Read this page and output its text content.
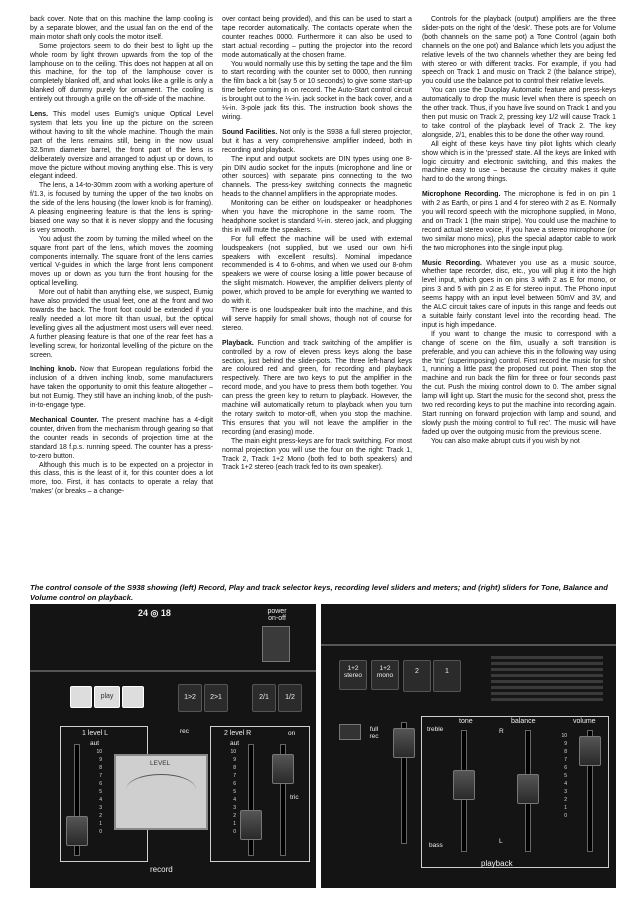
back cover. Note that on this machine the lamp cooling is by a separate blower, and the usual fan on the end of the main motor shaft only cools the motor itself.

Some projectors seem to do their best to light up the whole room by light thrown upwards from the top of the lamphouse on to the ceiling. This does not happen at all on this machine, for the top of the lamphouse cover is completely blanked off, and what looks like a grille is only a blanked off dummy purely for ornament. The cooling is entirely out through a grille on the off-side of the machine.

Lens. This model uses Eumig's unique Optical Level system that lets you line up the picture on the screen without having to tilt the whole machine. Though the main part of the lens remains still, being in the now usual 32.5mm diameter barrel, the front part of the lens is deliberately oversize and arranged to adjust up or down, to move the picture without moving anything else. This is very elegant indeed.

The lens, a 14-to-30mm zoom with a working aperture of f/1.3, is focused by turning the upper of the two knobs on the side of the lens housing (the lower knob is for framing). A pleasing engineering feature is that the lens is spring-biased one way so that it is never sloppy and the focusing is very smooth.

You adjust the zoom by turning the milled wheel on the square front part of the lens, which moves the zooming components internally. The square front of the lens carries vertical V-guides in which the large front lens component moves up or down as you turn the front housing for the optical levelling.

More out of habit than anything else, we suspect, Eumig have also provided the usual feet, one at the front and two towards the back. The front foot could be extended if you really needed a lot more tilt than usual, but the optical levelling gives all the adjustment most users will ever need. A further pleasing feature is that one of the rear feet has a levelling screw, for horizontal levelling of the picture on the screen.

Inching knob. Now that European regulations forbid the inclusion of a driven inching knob, some manufacturers have taken the opportunity to omit this feature altogether – but not Eumig. They still have an inching knob, of the push-in-to-engage type.

Mechanical Counter. The present machine has a 4-digit counter, driven from the mechanism through gearing so that the counter reads in seconds of projection time at the standard 18 f.p.s. running speed. The counter has a press-to-zero button.

Although this much is to be expected on a projector in this class, this is the least of it, for this counter does a lot more, too. First, it has contacts to operate a relay that 'makes' (or breaks – a change-

over contact being provided), and this can be used to start a tape recorder automatically. The contacts operate when the counter reaches 0000. Furthermore it can also be used to start actual recording – putting the projector into the record mode automatically at the chosen frame.

You would normally use this by setting the tape and the film to start recording with the counter set to 0000, then running the film back a bit (say 5 or 10 seconds) to give some start-up time before coming in on record. The Auto-Start control circuit is brought out to the ⅛-in. jack socket in the back cover, and a ⅛-in. 3-pole jack fits this. The instruction book shows the wiring.

Sound Facilities. Not only is the S938 a full stereo projector, but it has a very comprehensive amplifier indeed, both in recording and playback.

The input and output sockets are DIN types using one 8-pin DIN audio socket for the inputs (microphone and line or other sources) with separate pins connecting to the two channels. The press-key switching connects the magnetic heads to the channel amplifiers in the appropriate modes.

Monitoring can be either on loudspeaker or headphones when you have the microphone in the same room. The headphone socket is standard ¼-in. stereo jack, and plugging this in will mute the speakers.

For full effect the machine will be used with external loudspeakers (not supplied, but we used our own hi-fi speakers with excellent results). Nominal impedance recommended is 4 to 6-ohms, and when we used our 8-ohm speakers we were of course losing a little power because of the slight mismatch. However, the amplifier delivers plenty of power, which proved to be ample for everything we wanted to do with it.

There is one loudspeaker built into the machine, and this will serve happily for small shows, though not of course for stereo.

Playback. Function and track switching of the amplifier is controlled by a row of eleven press keys along the base section, just behind the slider-pots. The three left-hand keys are coloured red and green, for recording and playback respectively. There are two keys to put the amplifier in the record mode, and you have to press them both together. You can press the green key to return to playback. However, the machine will automatically return to playback when you turn the rotary switch to motor-off, when you stop the machine. This ensures that you will not leave the amplifier in the recording (and erasing) mode.

The main eight press-keys are for track switching. For most normal projection you will use the four on the right: Track 1, Track 2, Track 1+2 Mono (both fed to both speakers) and Track 1+2 stereo (each track fed to its own speaker).

Controls for the playback (output) amplifiers are the three slider-pots on the right of the 'desk'. These pots are for Volume (both channels on the same pot) a Tone Control (again both channels on the one pot) and Balance which lets you adjust the relative levels of the two channels whether they are being fed with stereo or with different tracks. For example, if you had speech on Track 1 and music on Track 2 (the balance stripe), you could use the balance pot to control their relative levels.

You can use the Duoplay Automatic feature and press-keys automatically to drop the music level when there is speech on the other track. Thus, if you have live sound on Track 1 and you then put music on Track 2, pressing key 1/2 will cause Track 1 to take control of the playback level of Track 2. The key alongside, 2/1, enables this to be done the other way round.

All eight of these keys have tiny pilot lights which clearly show which is in the 'pressed' state. All the keys are linked with logic circuitry and electronic switching, and this makes the machine easy to use – because the circuitry makes it quite hard to do the wrong things.

Microphone Recording. The microphone is fed in on pin 1 with 2 as Earth, or pins 1 and 4 for stereo with 2 as E. Normally you will record speech with the microphone supplied, in Mono, and on Track 1 (the main stripe). You could use the machine to record actual stereo voice, if you have a stereo microphone (or two similar mono mics), plus the special adaptor cable to work the two microphones into the single input plug.

Music Recording. Whatever you use as a music source, whether tape recorder, disc, etc., you will plug it into the high level input, which goes in on pins 3 with 2 as E for mono, or pins 3 and 5 with pin 2 as E for stereo input. The Phono input seems happy with an input level between 50mV and 3V, and the ALC circuit takes care of inputs in this range and feeds out a suitable fairly constant level into the recording head. The input is high impedance.

If you want to change the music to correspond with a change of scene on the film, usually a soft transition is preferable, and you can achieve this in the following way using the 'tric' (superimposing) control. First record the music for shot 1, running a little past the proposed cut point. Then stop the machine and run back the film for three or four seconds past the cut. Push the mixing control down to 0. The amber signal lamp will light up. Start the music for the second shot, press the two red recording keys to put the machine into recording again. Start running on forward projection with lamp and sound, and slowly push the mixing control to 'full rec'. The music will have faded up over the outgoing music from the previous scene.

You can also make abrupt cuts if you wish by not

The control console of the S938 showing (left) Record, Play and track selector keys, recording level sliders and meters; and (right) sliders for Tone, Balance and Volume control on playback.
24 ◎ 18	power on-off
play	1>2	2>1	2/1	1/2
1 level L
aut
10
9
8
7
6
5
4
3
2
1
0
LEVEL
rec	2 level R	on
tric
aut
10
9
8
7
6
5
4
3
2
1
0
record
1+2 stereo
1+2 mono
2	1
full rec
treble
tone	balance	volume
bass
R
L
10
9
8
7
6
5
4
3
2
1
0
playback
